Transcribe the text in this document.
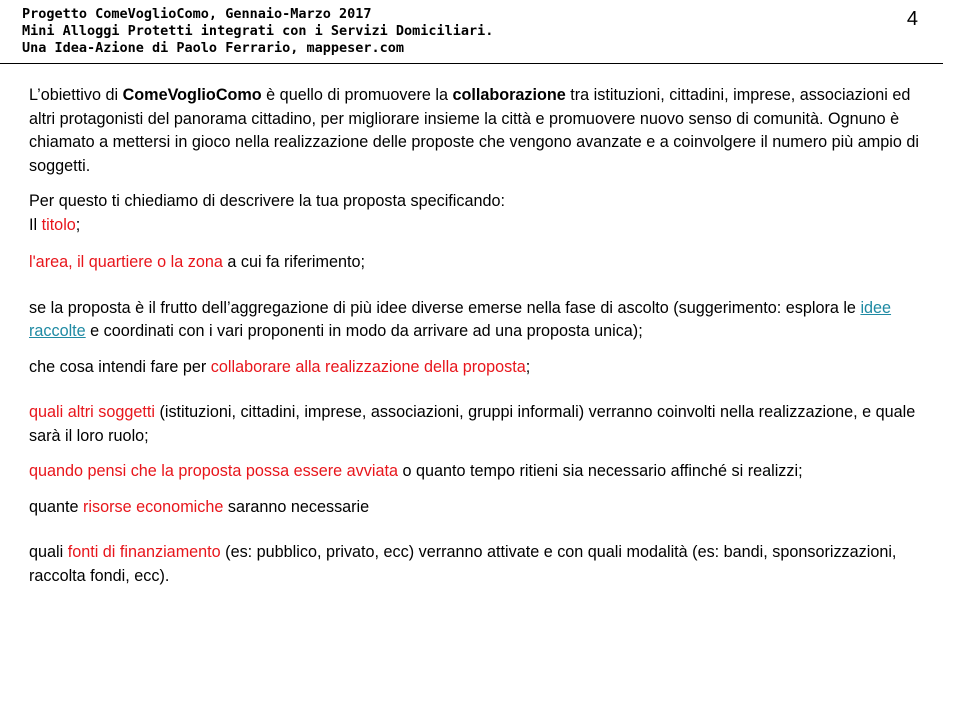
Progetto ComeVoglioComo, Gennaio-Marzo 2017
Mini Alloggi Protetti integrati con i Servizi Domiciliari.
Una Idea-Azione di Paolo Ferrario, mappeser.com
4

L’obiettivo di ComeVoglioComo è quello di promuovere la collaborazione tra istituzioni, cittadini, imprese, associazioni ed altri protagonisti del panorama cittadino, per migliorare insieme la città e promuovere nuovo senso di comunità. Ognuno è chiamato a mettersi in gioco nella realizzazione delle proposte che vengono avanzate e a coinvolgere il numero più ampio di soggetti.

Per questo ti chiediamo di descrivere la tua proposta specificando:
Il titolo;

l'area, il quartiere o la zona a cui fa riferimento;

se la proposta è il frutto dell’aggregazione di più idee diverse emerse nella fase di ascolto (suggerimento: esplora le idee raccolte e coordinati con i vari proponenti in modo da arrivare ad una proposta unica);

che cosa intendi fare per collaborare alla realizzazione della proposta;

quali altri soggetti (istituzioni, cittadini, imprese, associazioni, gruppi informali) verranno coinvolti nella realizzazione, e quale sarà il loro ruolo;

quando pensi che la proposta possa essere avviata o quanto tempo ritieni sia necessario affinché si realizzi;

quante risorse economiche saranno necessarie

quali fonti di finanziamento (es: pubblico, privato, ecc) verranno attivate e con quali modalità (es: bandi, sponsorizzazioni, raccolta fondi, ecc).
